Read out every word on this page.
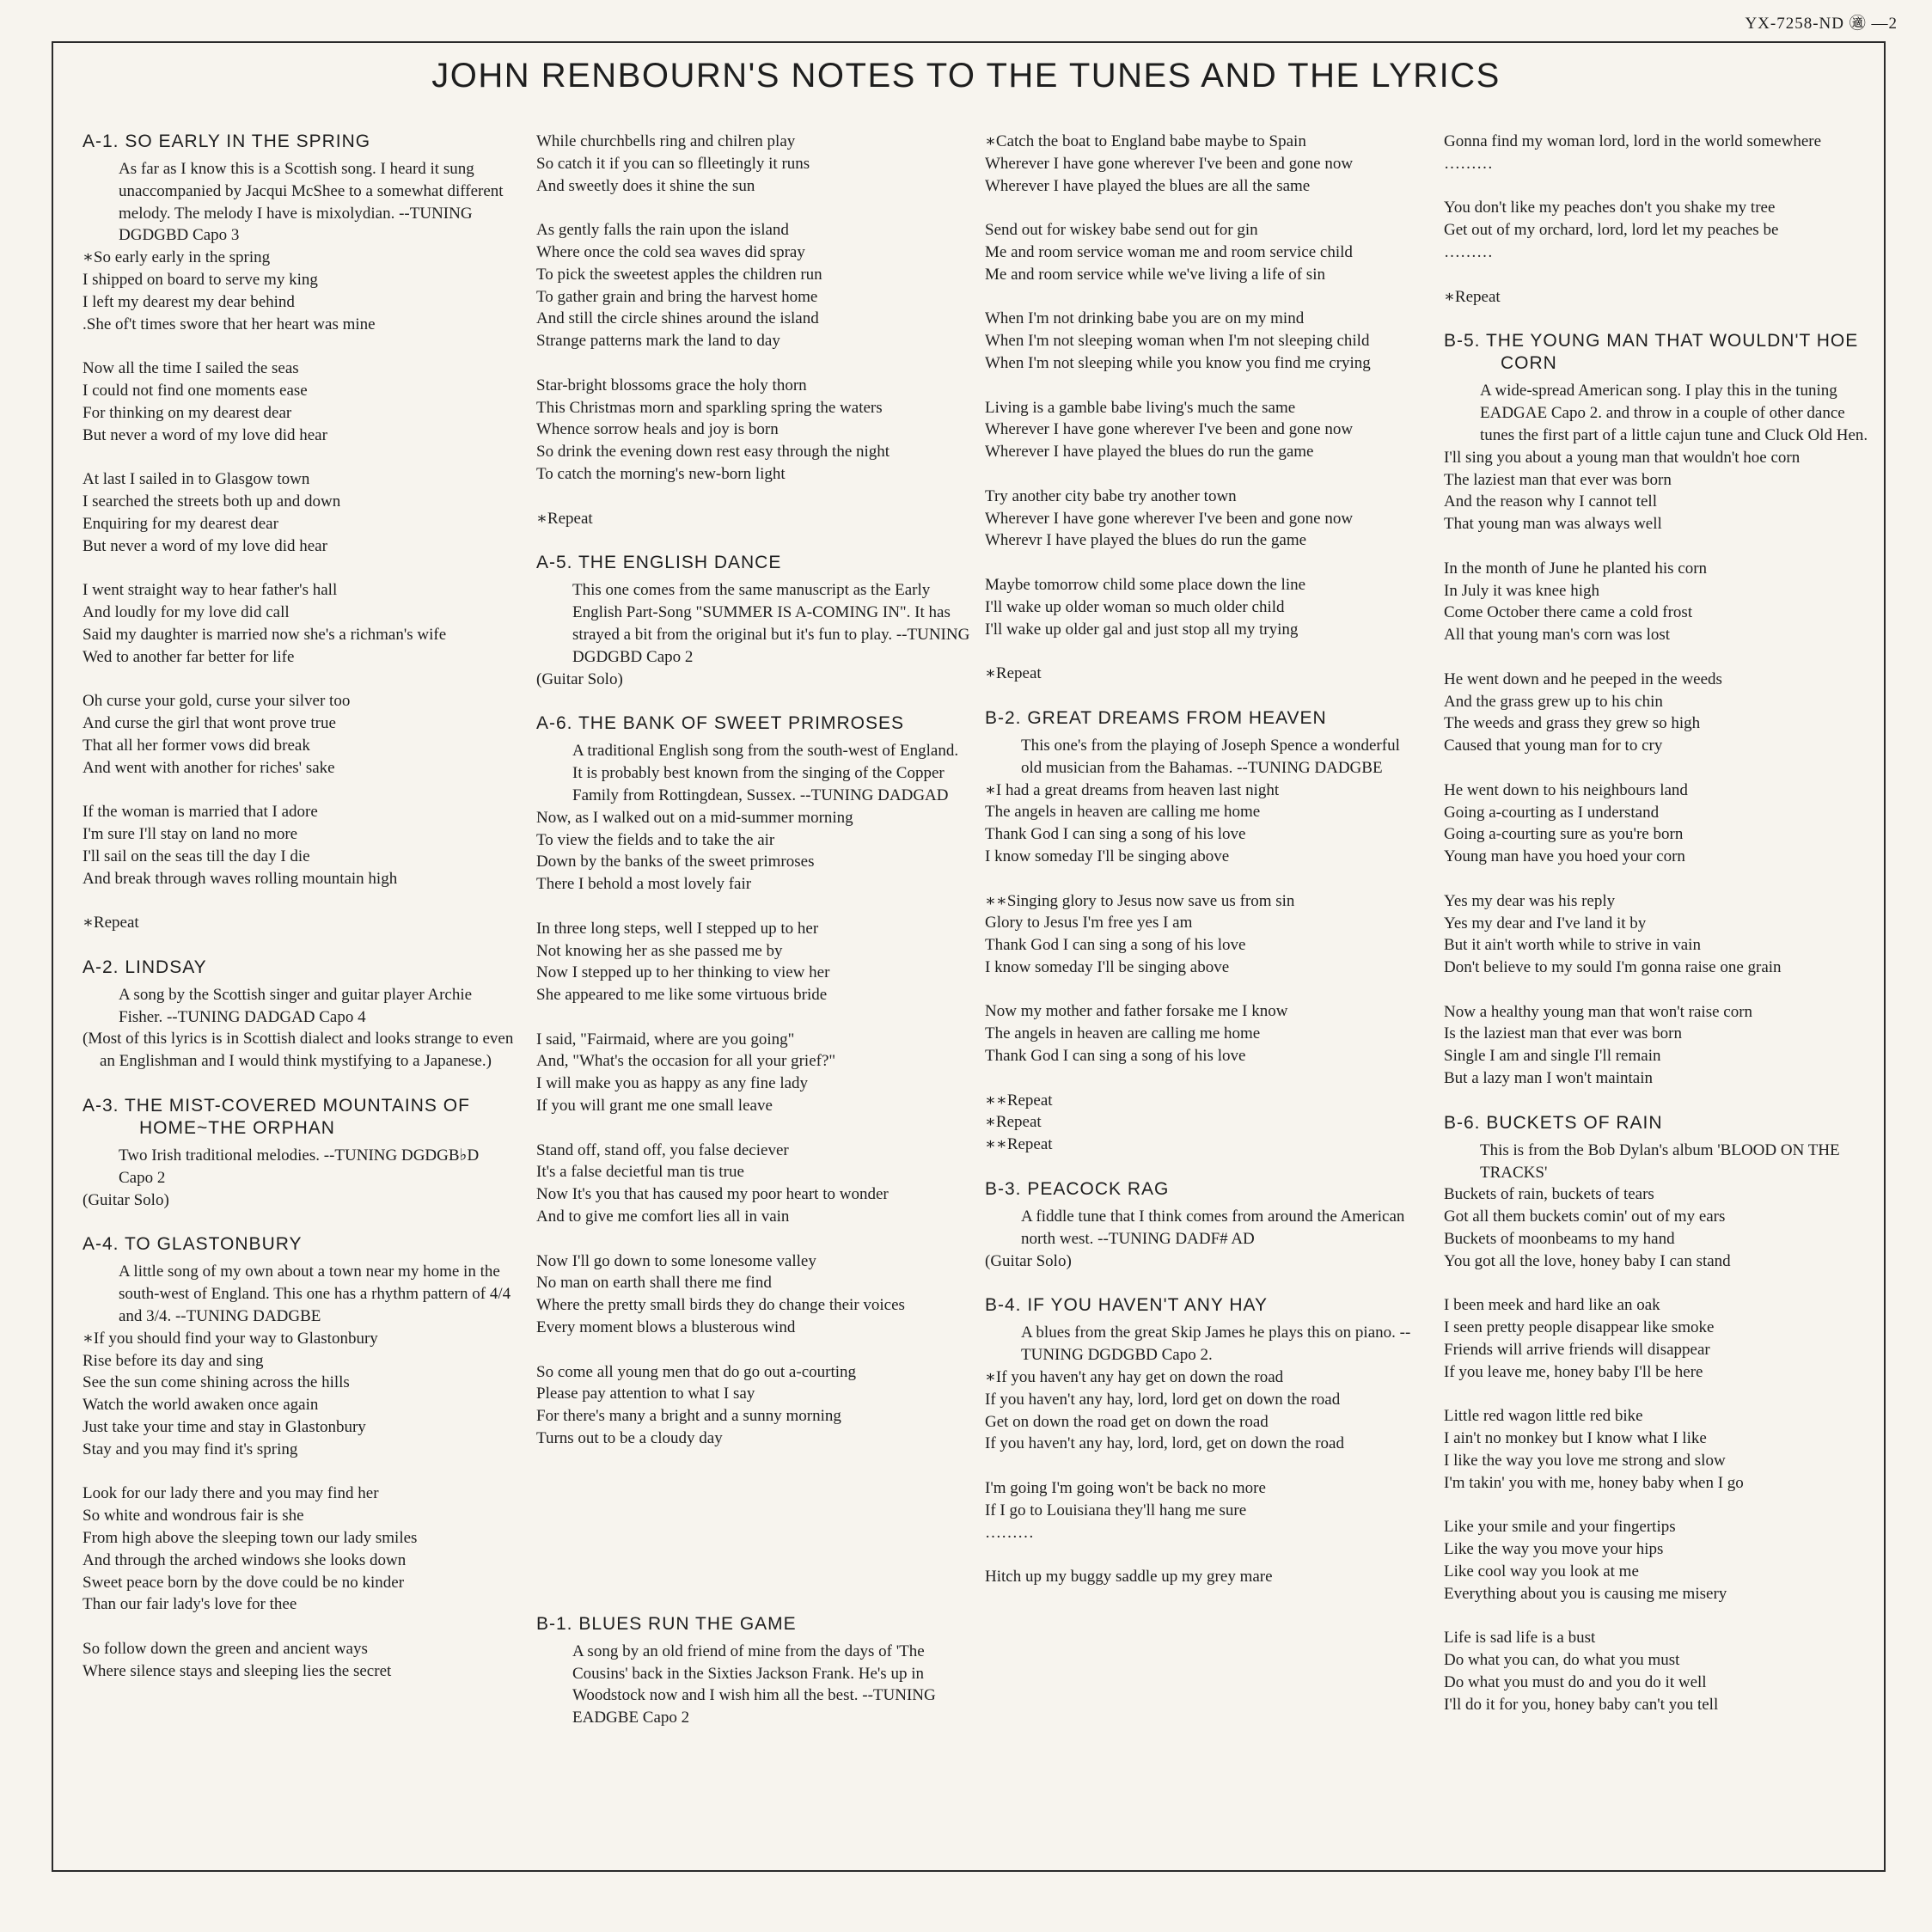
YX-7258-ND ㊜ —2
JOHN RENBOURN'S NOTES TO THE TUNES AND THE LYRICS
A-1. SO EARLY IN THE SPRING
As far as I know this is a Scottish song. I heard it sung unaccompanied by Jacqui McShee to a somewhat different melody. The melody I have is mixolydian. --TUNING DGDGBD Capo 3
∗So early early in the spring
I shipped on board to serve my king
I left my dearest my dear behind
.She of't times swore that her heart was mine
Now all the time I sailed the seas
I could not find one moments ease
For thinking on my dearest dear
But never a word of my love did hear
At last I sailed in to Glasgow town
I searched the streets both up and down
Enquiring for my dearest dear
But never a word of my love did hear
I went straight way to hear father's hall
And loudly for my love did call
Said my daughter is married now she's a richman's wife
Wed to another far better for life
Oh curse your gold, curse your silver too
And curse the girl that wont prove true
That all her former vows did break
And went with another for riches' sake
If the woman is married that I adore
I'm sure I'll stay on land no more
I'll sail on the seas till the day I die
And break through waves rolling mountain high
∗Repeat
A-2. LINDSAY
A song by the Scottish singer and guitar player Archie Fisher. --TUNING DADGAD Capo 4
(Most of this lyrics is in Scottish dialect and looks strange to even an Englishman and I would think mystifying to a Japanese.)
A-3. THE MIST-COVERED MOUNTAINS OF HOME~THE ORPHAN
Two Irish traditional melodies. --TUNING DGDGB♭D Capo 2
(Guitar Solo)
A-4. TO GLASTONBURY
A little song of my own about a town near my home in the south-west of England. This one has a rhythm pattern of 4/4 and 3/4. --TUNING DADGBE
∗If you should find your way to Glastonbury
Rise before its day and sing
See the sun come shining across the hills
Watch the world awaken once again
Just take your time and stay in Glastonbury
Stay and you may find it's spring
Look for our lady there and you may find her
So white and wondrous fair is she
From high above the sleeping town our lady smiles
And through the arched windows she looks down
Sweet peace born by the dove could be no kinder
Than our fair lady's love for thee
So follow down the green and ancient ways
Where silence stays and sleeping lies the secret
While churchbells ring and chilren play
So catch it if you can so flleetingly it runs
And sweetly does it shine the sun
As gently falls the rain upon the island
Where once the cold sea waves did spray
To pick the sweetest apples the children run
To gather grain and bring the harvest home
And still the circle shines around the island
Strange patterns mark the land to day
Star-bright blossoms grace the holy thorn
This Christmas morn and sparkling spring the waters
Whence sorrow heals and joy is born
So drink the evening down rest easy through the night
To catch the morning's new-born light
∗Repeat
A-5. THE ENGLISH DANCE
This one comes from the same manuscript as the Early English Part-Song "SUMMER IS A-COMING IN". It has strayed a bit from the original but it's fun to play. --TUNING DGDGBD Capo 2
(Guitar Solo)
A-6. THE BANK OF SWEET PRIMROSES
A traditional English song from the south-west of England. It is probably best known from the singing of the Copper Family from Rottingdean, Sussex. --TUNING DADGAD
Now, as I walked out on a mid-summer morning
To view the fields and to take the air
Down by the banks of the sweet primroses
There I behold a most lovely fair
In three long steps, well I stepped up to her
Not knowing her as she passed me by
Now I stepped up to her thinking to view her
She appeared to me like some virtuous bride
I said, "Fairmaid, where are you going"
And, "What's the occasion for all your grief?"
I will make you as happy as any fine lady
If you will grant me one small leave
Stand off, stand off, you false deciever
It's a false decietful man tis true
Now It's you that has caused my poor heart to wonder
And to give me comfort lies all in vain
Now I'll go down to some lonesome valley
No man on earth shall there me find
Where the pretty small birds they do change their voices
Every moment blows a blusterous wind
So come all young men that do go out a-courting
Please pay attention to what I say
For there's many a bright and a sunny morning
Turns out to be a cloudy day
B-1. BLUES RUN THE GAME
A song by an old friend of mine from the days of 'The Cousins' back in the Sixties Jackson Frank. He's up in Woodstock now and I wish him all the best. --TUNING EADGBE Capo 2
∗Catch the boat to England babe maybe to Spain
Wherever I have gone wherever I've been and gone now
Wherever I have played the blues are all the same
Send out for wiskey babe send out for gin
Me and room service woman me and room service child
Me and room service while we've living a life of sin
When I'm not drinking babe you are on my mind
When I'm not sleeping woman when I'm not sleeping child
When I'm not sleeping while you know you find me crying
Living is a gamble babe living's much the same
Wherever I have gone wherever I've been and gone now
Wherever I have played the blues do run the game
Try another city babe try another town
Wherever I have gone wherever I've been and gone now
Wherevr I have played the blues do run the game
Maybe tomorrow child some place down the line
I'll wake up older woman so much older child
I'll wake up older gal and just stop all my trying
∗Repeat
B-2. GREAT DREAMS FROM HEAVEN
This one's from the playing of Joseph Spence a wonderful old musician from the Bahamas. --TUNING DADGBE
∗I had a great dreams from heaven last night
The angels in heaven are calling me home
Thank God I can sing a song of his love
I know someday I'll be singing above
∗∗Singing glory to Jesus now save us from sin
Glory to Jesus I'm free yes I am
Thank God I can sing a song of his love
I know someday I'll be singing above
Now my mother and father forsake me I know
The angels in heaven are calling me home
Thank God I can sing a song of his love
∗∗Repeat
∗Repeat
∗∗Repeat
B-3. PEACOCK RAG
A fiddle tune that I think comes from around the American north west. --TUNING DADF# AD
(Guitar Solo)
B-4. IF YOU HAVEN'T ANY HAY
A blues from the great Skip James he plays this on piano. --TUNING DGDGBD Capo 2.
∗If you haven't any hay get on down the road
If you haven't any hay, lord, lord get on down the road
Get on down the road get on down the road
If you haven't any hay, lord, lord, get on down the road
I'm going I'm going won't be back no more
If I go to Louisiana they'll hang me sure
………
Hitch up my buggy saddle up my grey mare
Gonna find my woman lord, lord in the world somewhere
………
You don't like my peaches don't you shake my tree
Get out of my orchard, lord, lord let my peaches be
………
∗Repeat
B-5. THE YOUNG MAN THAT WOULDN'T HOE CORN
A wide-spread American song. I play this in the tuning EADGAE Capo 2. and throw in a couple of other dance tunes the first part of a little cajun tune and Cluck Old Hen.
I'll sing you about a young man that wouldn't hoe corn
The laziest man that ever was born
And the reason why I cannot tell
That young man was always well
In the month of June he planted his corn
In July it was knee high
Come October there came a cold frost
All that young man's corn was lost
He went down and he peeped in the weeds
And the grass grew up to his chin
The weeds and grass they grew so high
Caused that young man for to cry
He went down to his neighbours land
Going a-courting as I understand
Going a-courting sure as you're born
Young man have you hoed your corn
Yes my dear was his reply
Yes my dear and I've land it by
But it ain't worth while to strive in vain
Don't believe to my sould I'm gonna raise one grain
Now a healthy young man that won't raise corn
Is the laziest man that ever was born
Single I am and single I'll remain
But a lazy man I won't maintain
B-6. BUCKETS OF RAIN
This is from the Bob Dylan's album 'BLOOD ON THE TRACKS'
Buckets of rain, buckets of tears
Got all them buckets comin' out of my ears
Buckets of moonbeams to my hand
You got all the love, honey baby I can stand
I been meek and hard like an oak
I seen pretty people disappear like smoke
Friends will arrive friends will disappear
If you leave me, honey baby I'll be here
Little red wagon little red bike
I ain't no monkey but I know what I like
I like the way you love me strong and slow
I'm takin' you with me, honey baby when I go
Like your smile and your fingertips
Like the way you move your hips
Like cool way you look at me
Everything about you is causing me misery
Life is sad life is a bust
Do what you can, do what you must
Do what you must do and you do it well
I'll do it for you, honey baby can't you tell
